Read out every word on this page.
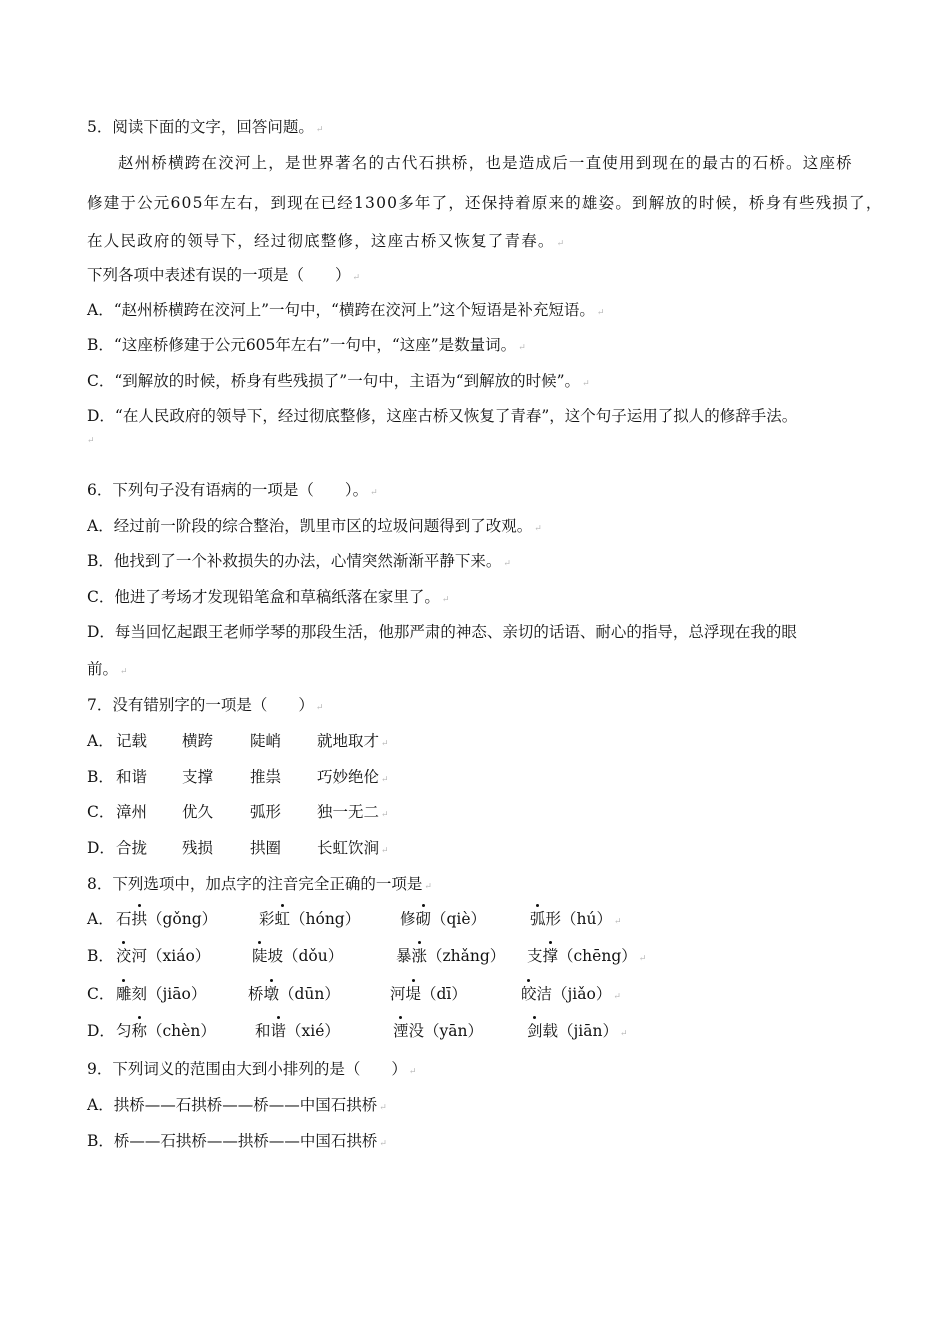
5．阅读下面的文字，回答问题。 ↵
赵州桥横跨在洨河上，是世界著名的古代石拱桥，也是造成后一直使用到现在的最古的石桥。这座桥
修建于公元605年左右，到现在已经1300多年了，还保持着原来的雄姿。到解放的时候，桥身有些残损了，
在人民政府的领导下，经过彻底整修，这座古桥又恢复了青春。 ↵
下列各项中表述有误的一项是（　　） ↵
A．“赵州桥横跨在洨河上”一句中，“横跨在洨河上”这个短语是补充短语。 ↵
B．“这座桥修建于公元605年左右”一句中，“这座”是数量词。 ↵
C．“到解放的时候，桥身有些残损了”一句中，主语为“到解放的时候”。 ↵
D．“在人民政府的领导下，经过彻底整修，这座古桥又恢复了青春”，这个句子运用了拟人的修辞手法。
↵
6．下列句子没有语病的一项是（　　）。 ↵
A．经过前一阶段的综合整治，凯里市区的垃圾问题得到了改观。 ↵
B．他找到了一个补救损失的办法，心情突然渐渐平静下来。 ↵
C．他进了考场才发现铅笔盒和草稿纸落在家里了。 ↵
D．每当回忆起跟王老师学琴的那段生活，他那严肃的神态、亲切的话语、耐心的指导，总浮现在我的眼
前。 ↵
7．没有错别字的一项是（　　） ↵
A． 记载 横跨 陡峭 就地取才 ↵
B． 和谐 支撑 推祟 巧妙绝伦 ↵
C． 漳州 优久 弧形 独一无二 ↵
D． 合拢 残损 拱圈 长虹饮涧 ↵
8．下列选项中，加点字的注音完全正确的一项是 ↵
A． 石拱（gǒng）	彩虹（hóng）	修砌（qiè）	弧形（hú） ↵
B． 洨河（xiáo）	陡坡（dǒu）	暴涨（zhǎng） 支撑（chēng） ↵
C． 雕刻（jiāo）	桥墩（dūn）	河堤（dī）	皎洁（jiǎo） ↵
D． 匀称（chèn）	和谐（xié）	湮没（yān）	剑载（jiān） ↵
9．下列词义的范围由大到小排列的是（　　） ↵
A．拱桥——石拱桥——桥——中国石拱桥 ↵
B．桥——石拱桥——拱桥——中国石拱桥 ↵
